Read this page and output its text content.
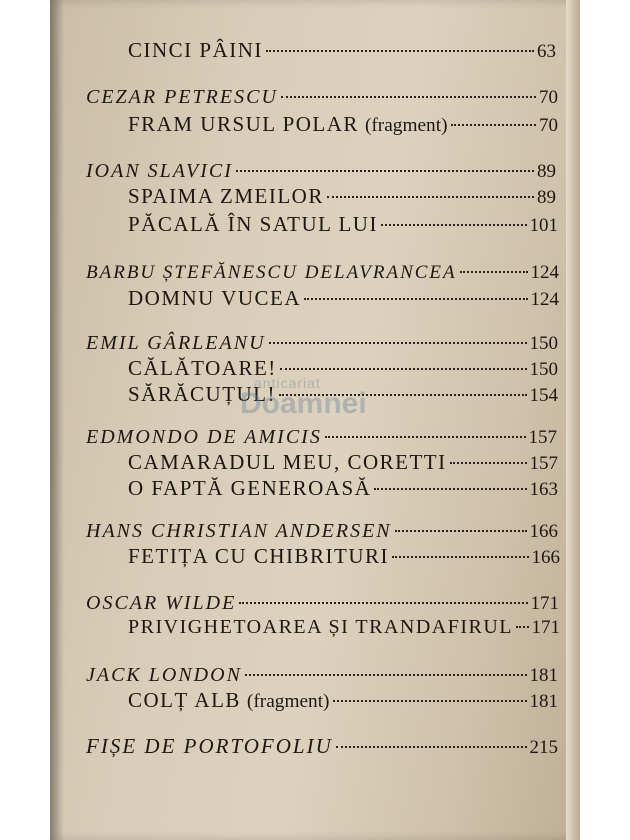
CINCI PÂINI	63
CEZAR PETRESCU	70
FRAM URSUL POLAR (fragment)	70
IOAN SLAVICI	89
SPAIMA ZMEILOR	89
PĂCALĂ ÎN SATUL LUI	101
BARBU ȘTEFĂNESCU DELAVRANCEA	124
DOMNU VUCEA	124
EMIL GÂRLEANU	150
CĂLĂTOARE!	150
SĂRĂCUȚUL!	154
EDMONDO DE AMICIS	157
CAMARADUL MEU, CORETTI	157
O FAPTĂ GENEROASĂ	163
HANS CHRISTIAN ANDERSEN	166
FETIȚA CU CHIBRITURI	166
OSCAR WILDE	171
PRIVIGHETOAREA ȘI TRANDAFIRUL 171
JACK LONDON	181
COLȚ ALB (fragment)	181
FIȘE DE PORTOFOLIU	215
anticariat
Doamnei
